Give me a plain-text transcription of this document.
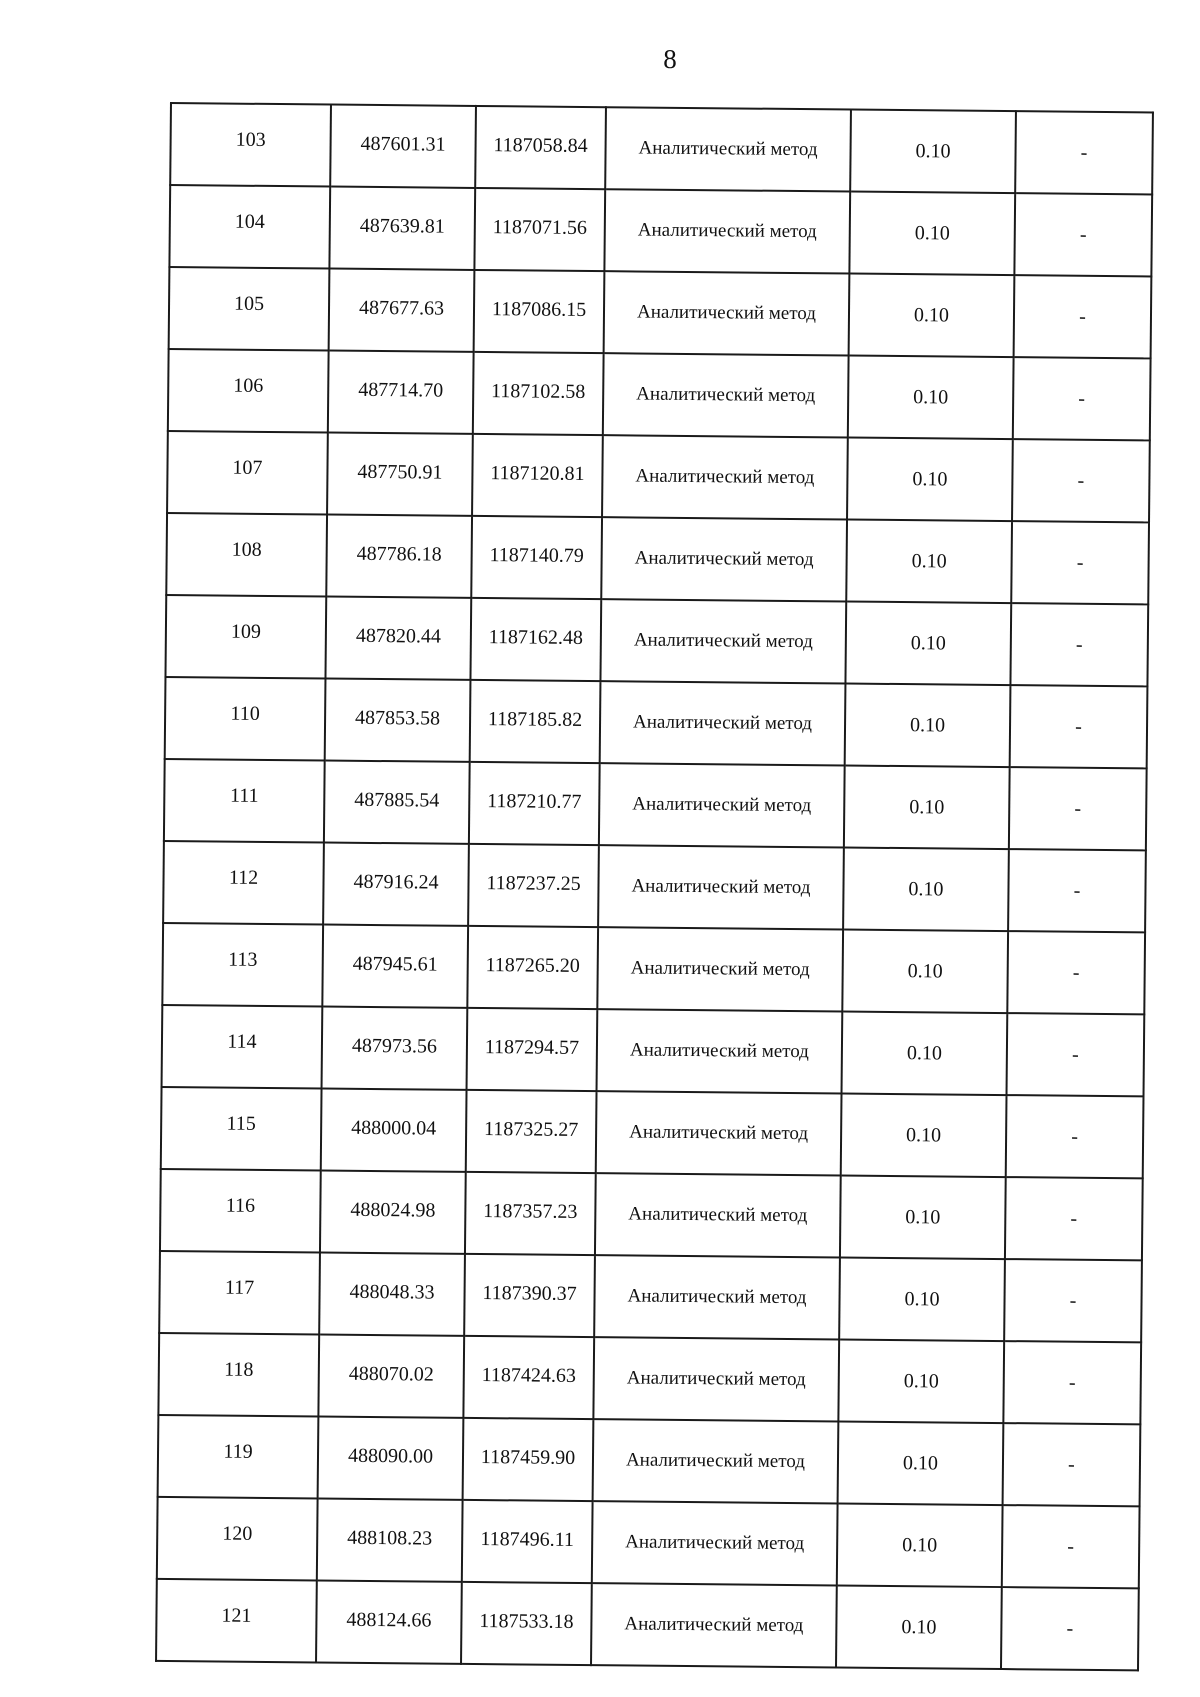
8
103	487601.31	1187058.84	Аналитический метод	0.10	-
104	487639.81	1187071.56	Аналитический метод	0.10	-
105	487677.63	1187086.15	Аналитический метод	0.10	-
106	487714.70	1187102.58	Аналитический метод	0.10	-
107	487750.91	1187120.81	Аналитический метод	0.10	-
108	487786.18	1187140.79	Аналитический метод	0.10	-
109	487820.44	1187162.48	Аналитический метод	0.10	-
110	487853.58	1187185.82	Аналитический метод	0.10	-
111	487885.54	1187210.77	Аналитический метод	0.10	-
112	487916.24	1187237.25	Аналитический метод	0.10	-
113	487945.61	1187265.20	Аналитический метод	0.10	-
114	487973.56	1187294.57	Аналитический метод	0.10	-
115	488000.04	1187325.27	Аналитический метод	0.10	-
116	488024.98	1187357.23	Аналитический метод	0.10	-
117	488048.33	1187390.37	Аналитический метод	0.10	-
118	488070.02	1187424.63	Аналитический метод	0.10	-
119	488090.00	1187459.90	Аналитический метод	0.10	-
120	488108.23	1187496.11	Аналитический метод	0.10	-
121	488124.66	1187533.18	Аналитический метод	0.10	-
